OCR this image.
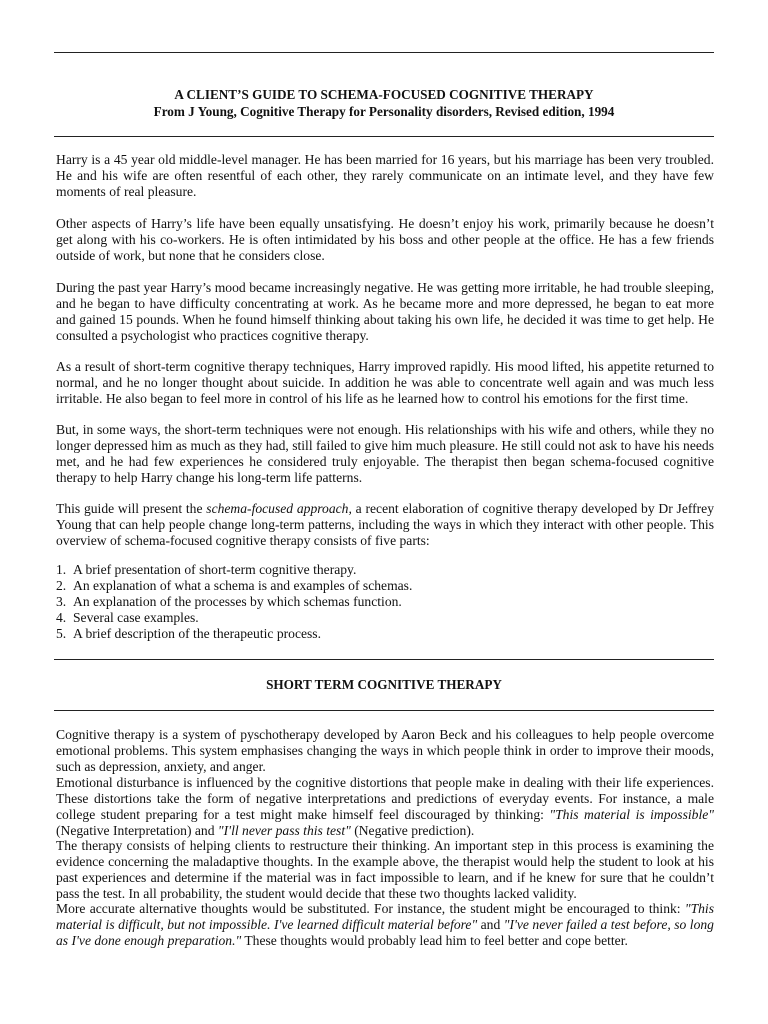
A CLIENT’S GUIDE TO SCHEMA-FOCUSED COGNITIVE THERAPY
From J Young, Cognitive Therapy for Personality disorders, Revised edition, 1994

Harry is a 45 year old middle-level manager. He has been married for 16 years, but his marriage has been very troubled. He and his wife are often resentful of each other, they rarely communicate on an intimate level, and they have few moments of real pleasure.

Other aspects of Harry’s life have been equally unsatisfying. He doesn’t enjoy his work, primarily because he doesn’t get along with his co-workers. He is often intimidated by his boss and other people at the office. He has a few friends outside of work, but none that he considers close.

During the past year Harry’s mood became increasingly negative. He was getting more irritable, he had trouble sleeping, and he began to have difficulty concentrating at work. As he became more and more depressed, he began to eat more and gained 15 pounds. When he found himself thinking about taking his own life, he decided it was time to get help. He consulted a psychologist who practices cognitive therapy.

As a result of short-term cognitive therapy techniques, Harry improved rapidly. His mood lifted, his appetite returned to normal, and he no longer thought about suicide. In addition he was able to concentrate well again and was much less irritable. He also began to feel more in control of his life as he learned how to control his emotions for the first time.

But, in some ways, the short-term techniques were not enough. His relationships with his wife and others, while they no longer depressed him as much as they had, still failed to give him much pleasure. He still could not ask to have his needs met, and he had few experiences he considered truly enjoyable. The therapist then began schema-focused cognitive therapy to help Harry change his long-term life patterns.

This guide will present the schema-focused approach, a recent elaboration of cognitive therapy developed by Dr Jeffrey Young that can help people change long-term patterns, including the ways in which they interact with other people. This overview of schema-focused cognitive therapy consists of five parts:

1. A brief presentation of short-term cognitive therapy.
2. An explanation of what a schema is and examples of schemas.
3. An explanation of the processes by which schemas function.
4. Several case examples.
5. A brief description of the therapeutic process.
SHORT TERM COGNITIVE THERAPY

Cognitive therapy is a system of pyschotherapy developed by Aaron Beck and his colleagues to help people overcome emotional problems. This system emphasises changing the ways in which people think in order to improve their moods, such as depression, anxiety, and anger.

Emotional disturbance is influenced by the cognitive distortions that people make in dealing with their life experiences. These distortions take the form of negative interpretations and predictions of everyday events. For instance, a male college student preparing for a test might make himself feel discouraged by thinking: "This material is impossible" (Negative Interpretation) and "I'll never pass this test" (Negative prediction).

The therapy consists of helping clients to restructure their thinking. An important step in this process is examining the evidence concerning the maladaptive thoughts. In the example above, the therapist would help the student to look at his past experiences and determine if the material was in fact impossible to learn, and if he knew for sure that he couldn’t pass the test. In all probability, the student would decide that these two thoughts lacked validity.

More accurate alternative thoughts would be substituted. For instance, the student might be encouraged to think: "This material is difficult, but not impossible. I've learned difficult material before" and "I've never failed a test before, so long as I've done enough preparation." These thoughts would probably lead him to feel better and cope better.
